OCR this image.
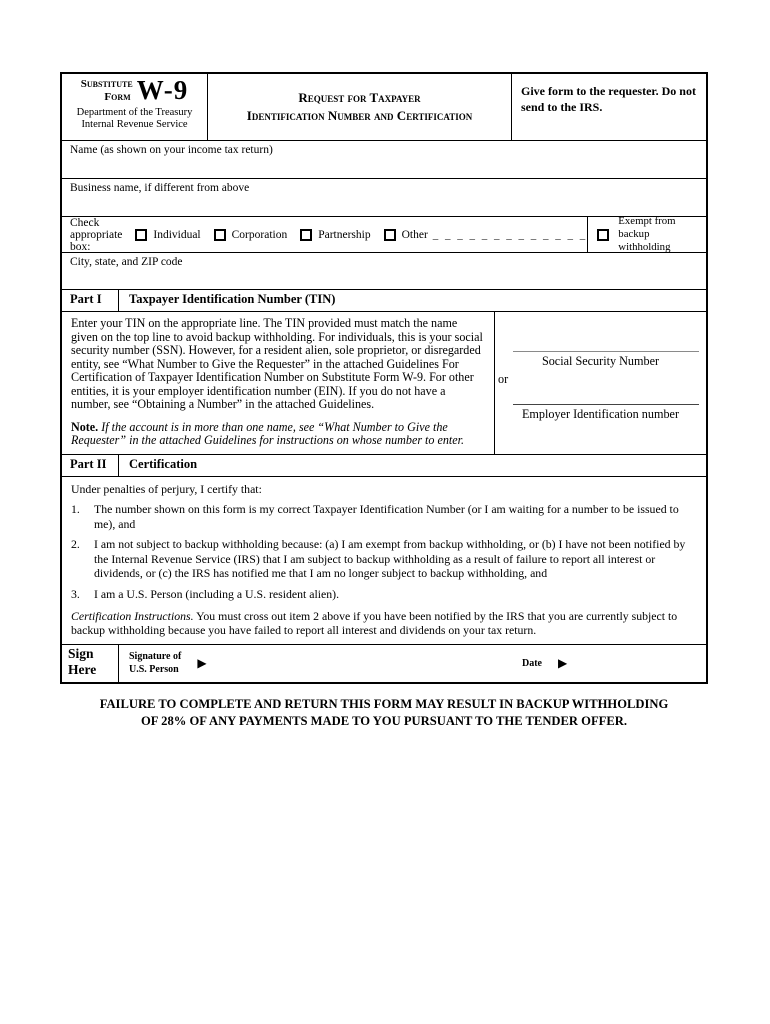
Substitute
Form W-9
Department of the Treasury
Internal Revenue Service
Request for Taxpayer
Identification Number and Certification
Give form to the requester. Do not send to the IRS.
Name (as shown on your income tax return)
Business name, if different from above
Check appropriate box:
Individual	Corporation	Partnership	Other _ _ _ _ _ _ _ _ _ _ _ _ _
Exempt from backup withholding
City, state, and ZIP code
Part I	Taxpayer Identification Number (TIN)
Enter your TIN on the appropriate line. The TIN provided must match the name given on the top line to avoid backup withholding. For individuals, this is your social security number (SSN). However, for a resident alien, sole proprietor, or disregarded entity, see “What Number to Give the Requester” in the attached Guidelines For Certification of Taxpayer Identification Number on Substitute Form W-9. For other entities, it is your employer identification number (EIN). If you do not have a number, see “Obtaining a Number” in the attached Guidelines.
Note. If the account is in more than one name, see “What Number to Give the Requester” in the attached Guidelines for instructions on whose number to enter.
Social Security Number
or
Employer Identification number
Part II	Certification
Under penalties of perjury, I certify that:
1.	The number shown on this form is my correct Taxpayer Identification Number (or I am waiting for a number to be issued to me), and
2.	I am not subject to backup withholding because: (a) I am exempt from backup withholding, or (b) I have not been notified by the Internal Revenue Service (IRS) that I am subject to backup withholding as a result of failure to report all interest or dividends, or (c) the IRS has notified me that I am no longer subject to backup withholding, and
3.	I am a U.S. Person (including a U.S. resident alien).
Certification Instructions. You must cross out item 2 above if you have been notified by the IRS that you are currently subject to backup withholding because you have failed to report all interest and dividends on your tax return.
Sign
Here
Signature of
U.S. Person ▶	Date ▶
FAILURE TO COMPLETE AND RETURN THIS FORM MAY RESULT IN BACKUP WITHHOLDING
OF 28% OF ANY PAYMENTS MADE TO YOU PURSUANT TO THE TENDER OFFER.
